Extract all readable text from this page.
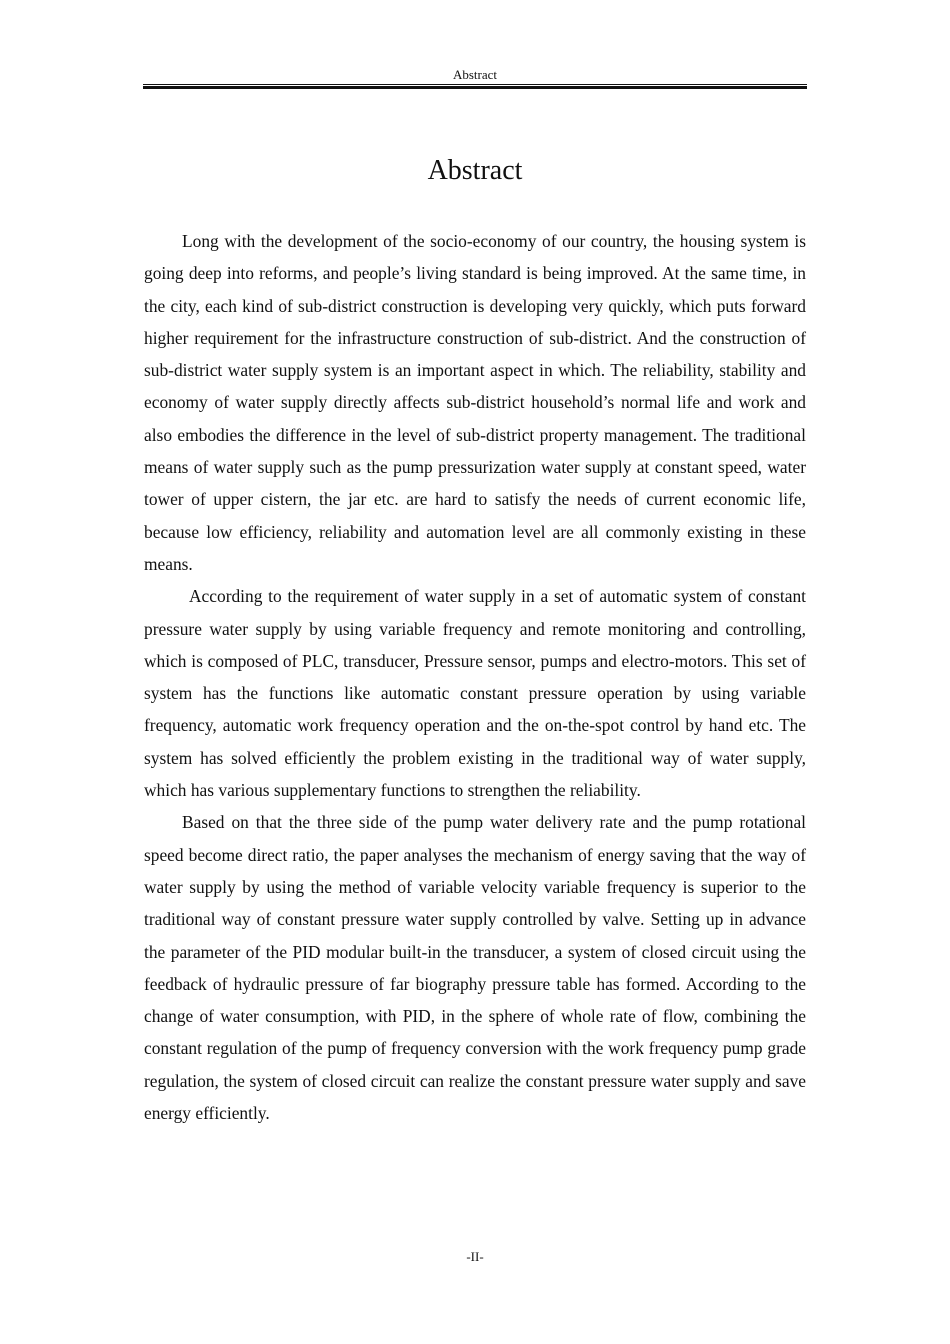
Abstract
Abstract

Long with the development of the socio-economy of our country, the housing system is going deep into reforms, and people’s living standard is being improved. At the same time, in the city, each kind of sub-district construction is developing very quickly, which puts forward higher requirement for the infrastructure construction of sub-district. And the construction of sub-district water supply system is an important aspect in which. The reliability, stability and economy of water supply directly affects sub-district household’s normal life and work and also embodies the difference in the level of sub-district property management. The traditional means of water supply such as the pump pressurization water supply at constant speed, water tower of upper cistern, the jar etc. are hard to satisfy the needs of current economic life, because low efficiency, reliability and automation level are all commonly existing in these means.

According to the requirement of water supply in a set of automatic system of constant pressure water supply by using variable frequency and remote monitoring and controlling, which is composed of PLC, transducer, Pressure sensor, pumps and electro-motors. This set of system has the functions like automatic constant pressure operation by using variable frequency, automatic work frequency operation and the on-the-spot control by hand etc. The system has solved efficiently the problem existing in the traditional way of water supply, which has various supplementary functions to strengthen the reliability.

Based on that the three side of the pump water delivery rate and the pump rotational speed become direct ratio, the paper analyses the mechanism of energy saving that the way of water supply by using the method of variable velocity variable frequency is superior to the traditional way of constant pressure water supply controlled by valve. Setting up in advance the parameter of the PID modular built-in the transducer, a system of closed circuit using the feedback of hydraulic pressure of far biography pressure table has formed. According to the change of water consumption, with PID, in the sphere of whole rate of flow, combining the constant regulation of the pump of frequency conversion with the work frequency pump grade regulation, the system of closed circuit can realize the constant pressure water supply and save energy efficiently.

-II-
